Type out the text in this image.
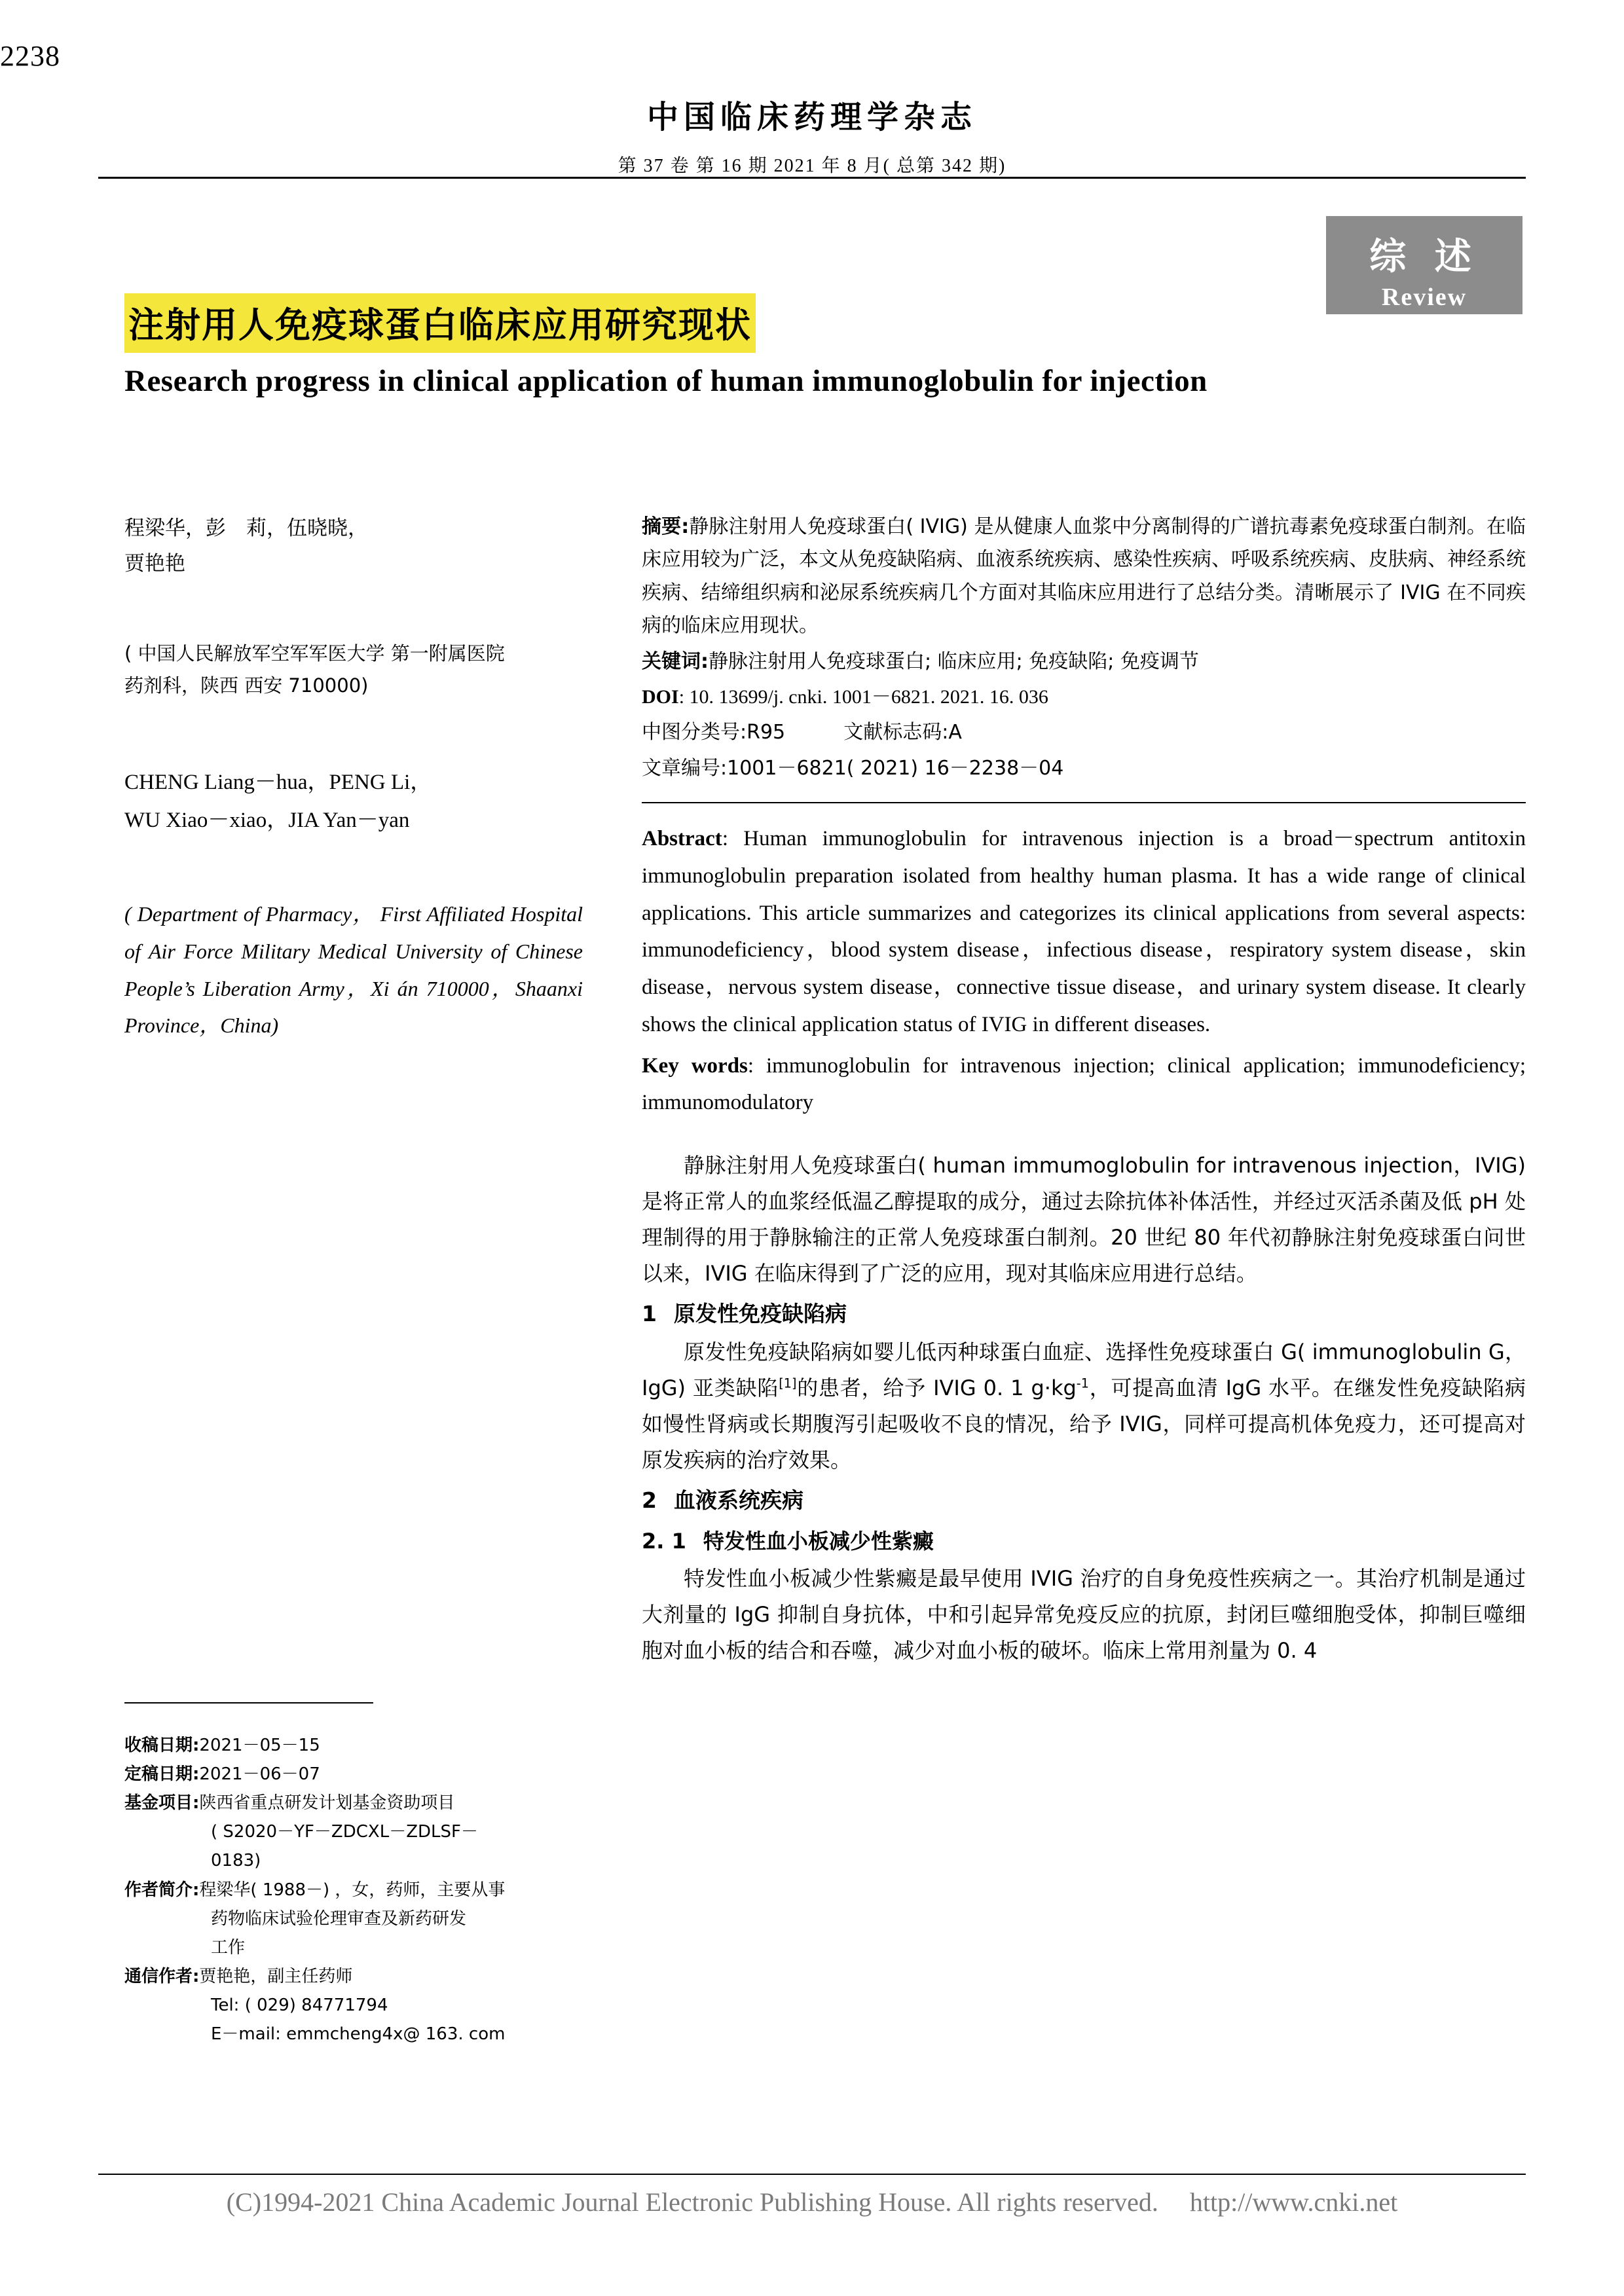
中国临床药理学杂志
第 37 卷 第 16 期 2021 年 8 月( 总第 342 期)
2238
综 述
Review
注射用人免疫球蛋白临床应用研究现状
Research progress in clinical application of human immunoglobulin for injection
程梁华，彭　莉，伍晓晓，
贾艳艳
( 中国人民解放军空军军医大学 第一附属医院
药剂科，陕西 西安 710000)
CHENG Liang－hua，PENG Li，
WU Xiao－xiao，JIA Yan－yan
( Department of Pharmacy， First Affiliated Hospital of Air Force Military Medical University of Chinese People’s Liberation Army，Xi án 710000，Shaanxi Province，China)
收稿日期: 2021－05－15
定稿日期: 2021－06－07
基金项目: 陕西省重点研发计划基金资助项目
( S2020－YF－ZDCXL－ZDLSF－
0183)
作者简介: 程梁华( 1988－) ，女，药师，主要从事
药物临床试验伦理审查及新药研发
工作
通信作者: 贾艳艳，副主任药师
Tel: ( 029) 84771794
E－mail: emmcheng4x@ 163. com
摘要:静脉注射用人免疫球蛋白( IVIG) 是从健康人血浆中分离制得的广谱抗毒素免疫球蛋白制剂。在临床应用较为广泛，本文从免疫缺陷病、血液系统疾病、感染性疾病、呼吸系统疾病、皮肤病、神经系统疾病、结缔组织病和泌尿系统疾病几个方面对其临床应用进行了总结分类。清晰展示了 IVIG 在不同疾病的临床应用现状。
关键词:静脉注射用人免疫球蛋白; 临床应用; 免疫缺陷; 免疫调节
DOI: 10. 13699/j. cnki. 1001－6821. 2021. 16. 036
中图分类号:R95	文献标志码:A
文章编号:1001－6821( 2021) 16－2238－04
Abstract: Human immunoglobulin for intravenous injection is a broad－spectrum antitoxin immunoglobulin preparation isolated from healthy human plasma. It has a wide range of clinical applications. This article summarizes and categorizes its clinical applications from several aspects: immunodeficiency，blood system disease，infectious disease，respiratory system disease，skin disease，nervous system disease，connective tissue disease，and urinary system disease. It clearly shows the clinical application status of IVIG in different diseases.
Key words: immunoglobulin for intravenous injection; clinical application; immunodeficiency; immunomodulatory

静脉注射用人免疫球蛋白( human immumoglobulin for intravenous injection，IVIG) 是将正常人的血浆经低温乙醇提取的成分，通过去除抗体补体活性，并经过灭活杀菌及低 pH 处理制得的用于静脉输注的正常人免疫球蛋白制剂。20 世纪 80 年代初静脉注射免疫球蛋白问世以来，IVIG 在临床得到了广泛的应用，现对其临床应用进行总结。

1 原发性免疫缺陷病

原发性免疫缺陷病如婴儿低丙种球蛋白血症、选择性免疫球蛋白 G( immunoglobulin G，IgG) 亚类缺陷[1]的患者，给予 IVIG 0. 1 $g\cdot kg^{-1}$，可提高血清 IgG 水平。在继发性免疫缺陷病如慢性肾病或长期腹泻引起吸收不良的情况，给予 IVIG，同样可提高机体免疫力，还可提高对原发疾病的治疗效果。

2 血液系统疾病
2. 1 特发性血小板减少性紫癜

特发性血小板减少性紫癜是最早使用 IVIG 治疗的自身免疫性疾病之一。其治疗机制是通过大剂量的 IgG 抑制自身抗体，中和引起异常免疫反应的抗原，封闭巨噬细胞受体，抑制巨噬细胞对血小板的结合和吞噬，减少对血小板的破坏。临床上常用剂量为 0. 4

(C)1994-2021 China Academic Journal Electronic Publishing House. All rights reserved. http://www.cnki.net
